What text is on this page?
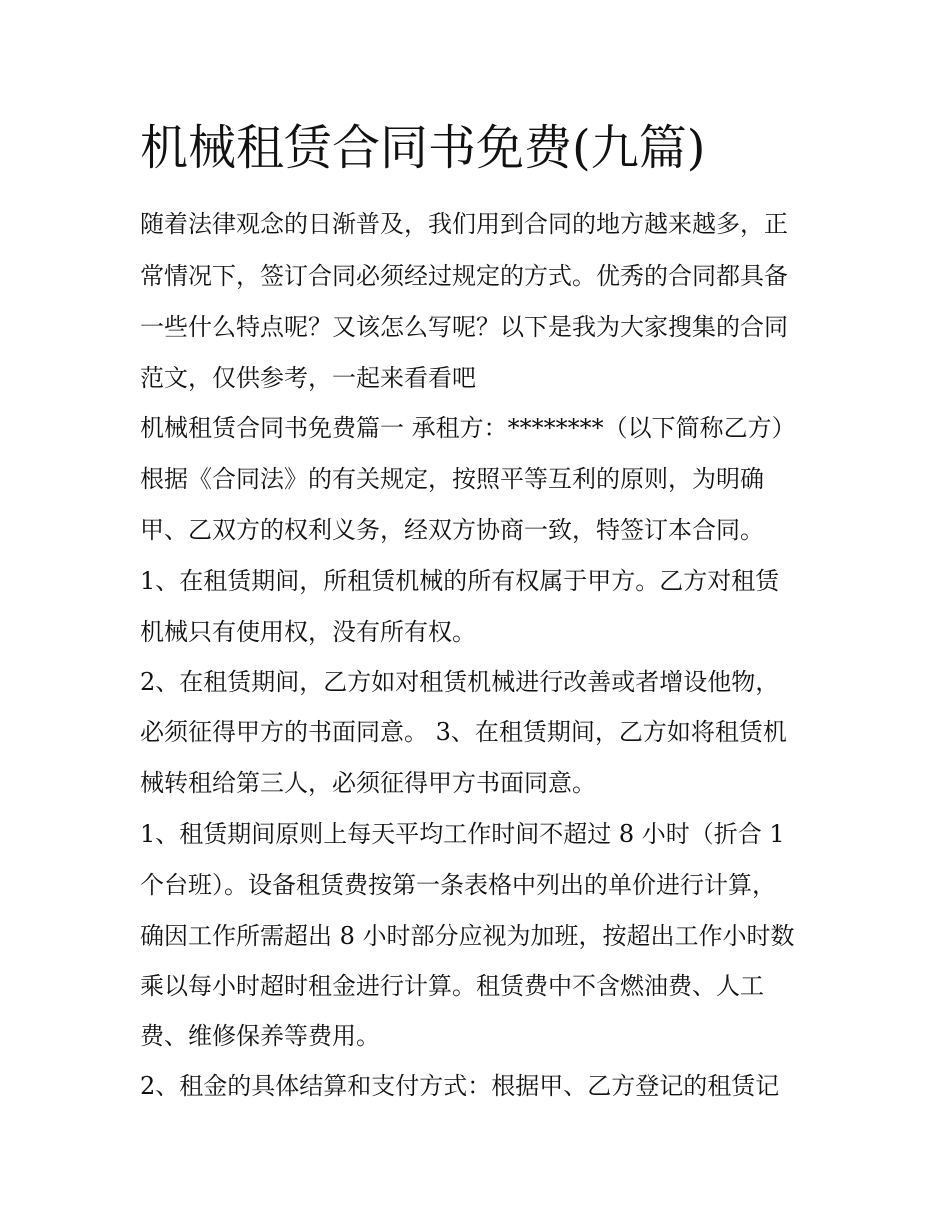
机械租赁合同书免费(九篇)

随着法律观念的日渐普及，我们用到合同的地方越来越多，正

常情况下，签订合同必须经过规定的方式。优秀的合同都具备

一些什么特点呢？又该怎么写呢？以下是我为大家搜集的合同

范文，仅供参考，一起来看看吧

机械租赁合同书免费篇一 承租方：********（以下简称乙方）

根据《合同法》的有关规定，按照平等互利的原则，为明确

甲、乙双方的权利义务，经双方协商一致，特签订本合同。

1、在租赁期间，所租赁机械的所有权属于甲方。乙方对租赁

机械只有使用权，没有所有权。

2、在租赁期间，乙方如对租赁机械进行改善或者增设他物，

必须征得甲方的书面同意。 3、在租赁期间，乙方如将租赁机

械转租给第三人，必须征得甲方书面同意。

1、租赁期间原则上每天平均工作时间不超过 8 小时（折合 1

个台班）。设备租赁费按第一条表格中列出的单价进行计算，

确因工作所需超出 8 小时部分应视为加班，按超出工作小时数

乘以每小时超时租金进行计算。租赁费中不含燃油费、人工

费、维修保养等费用。

2、租金的具体结算和支付方式：根据甲、乙方登记的租赁记
